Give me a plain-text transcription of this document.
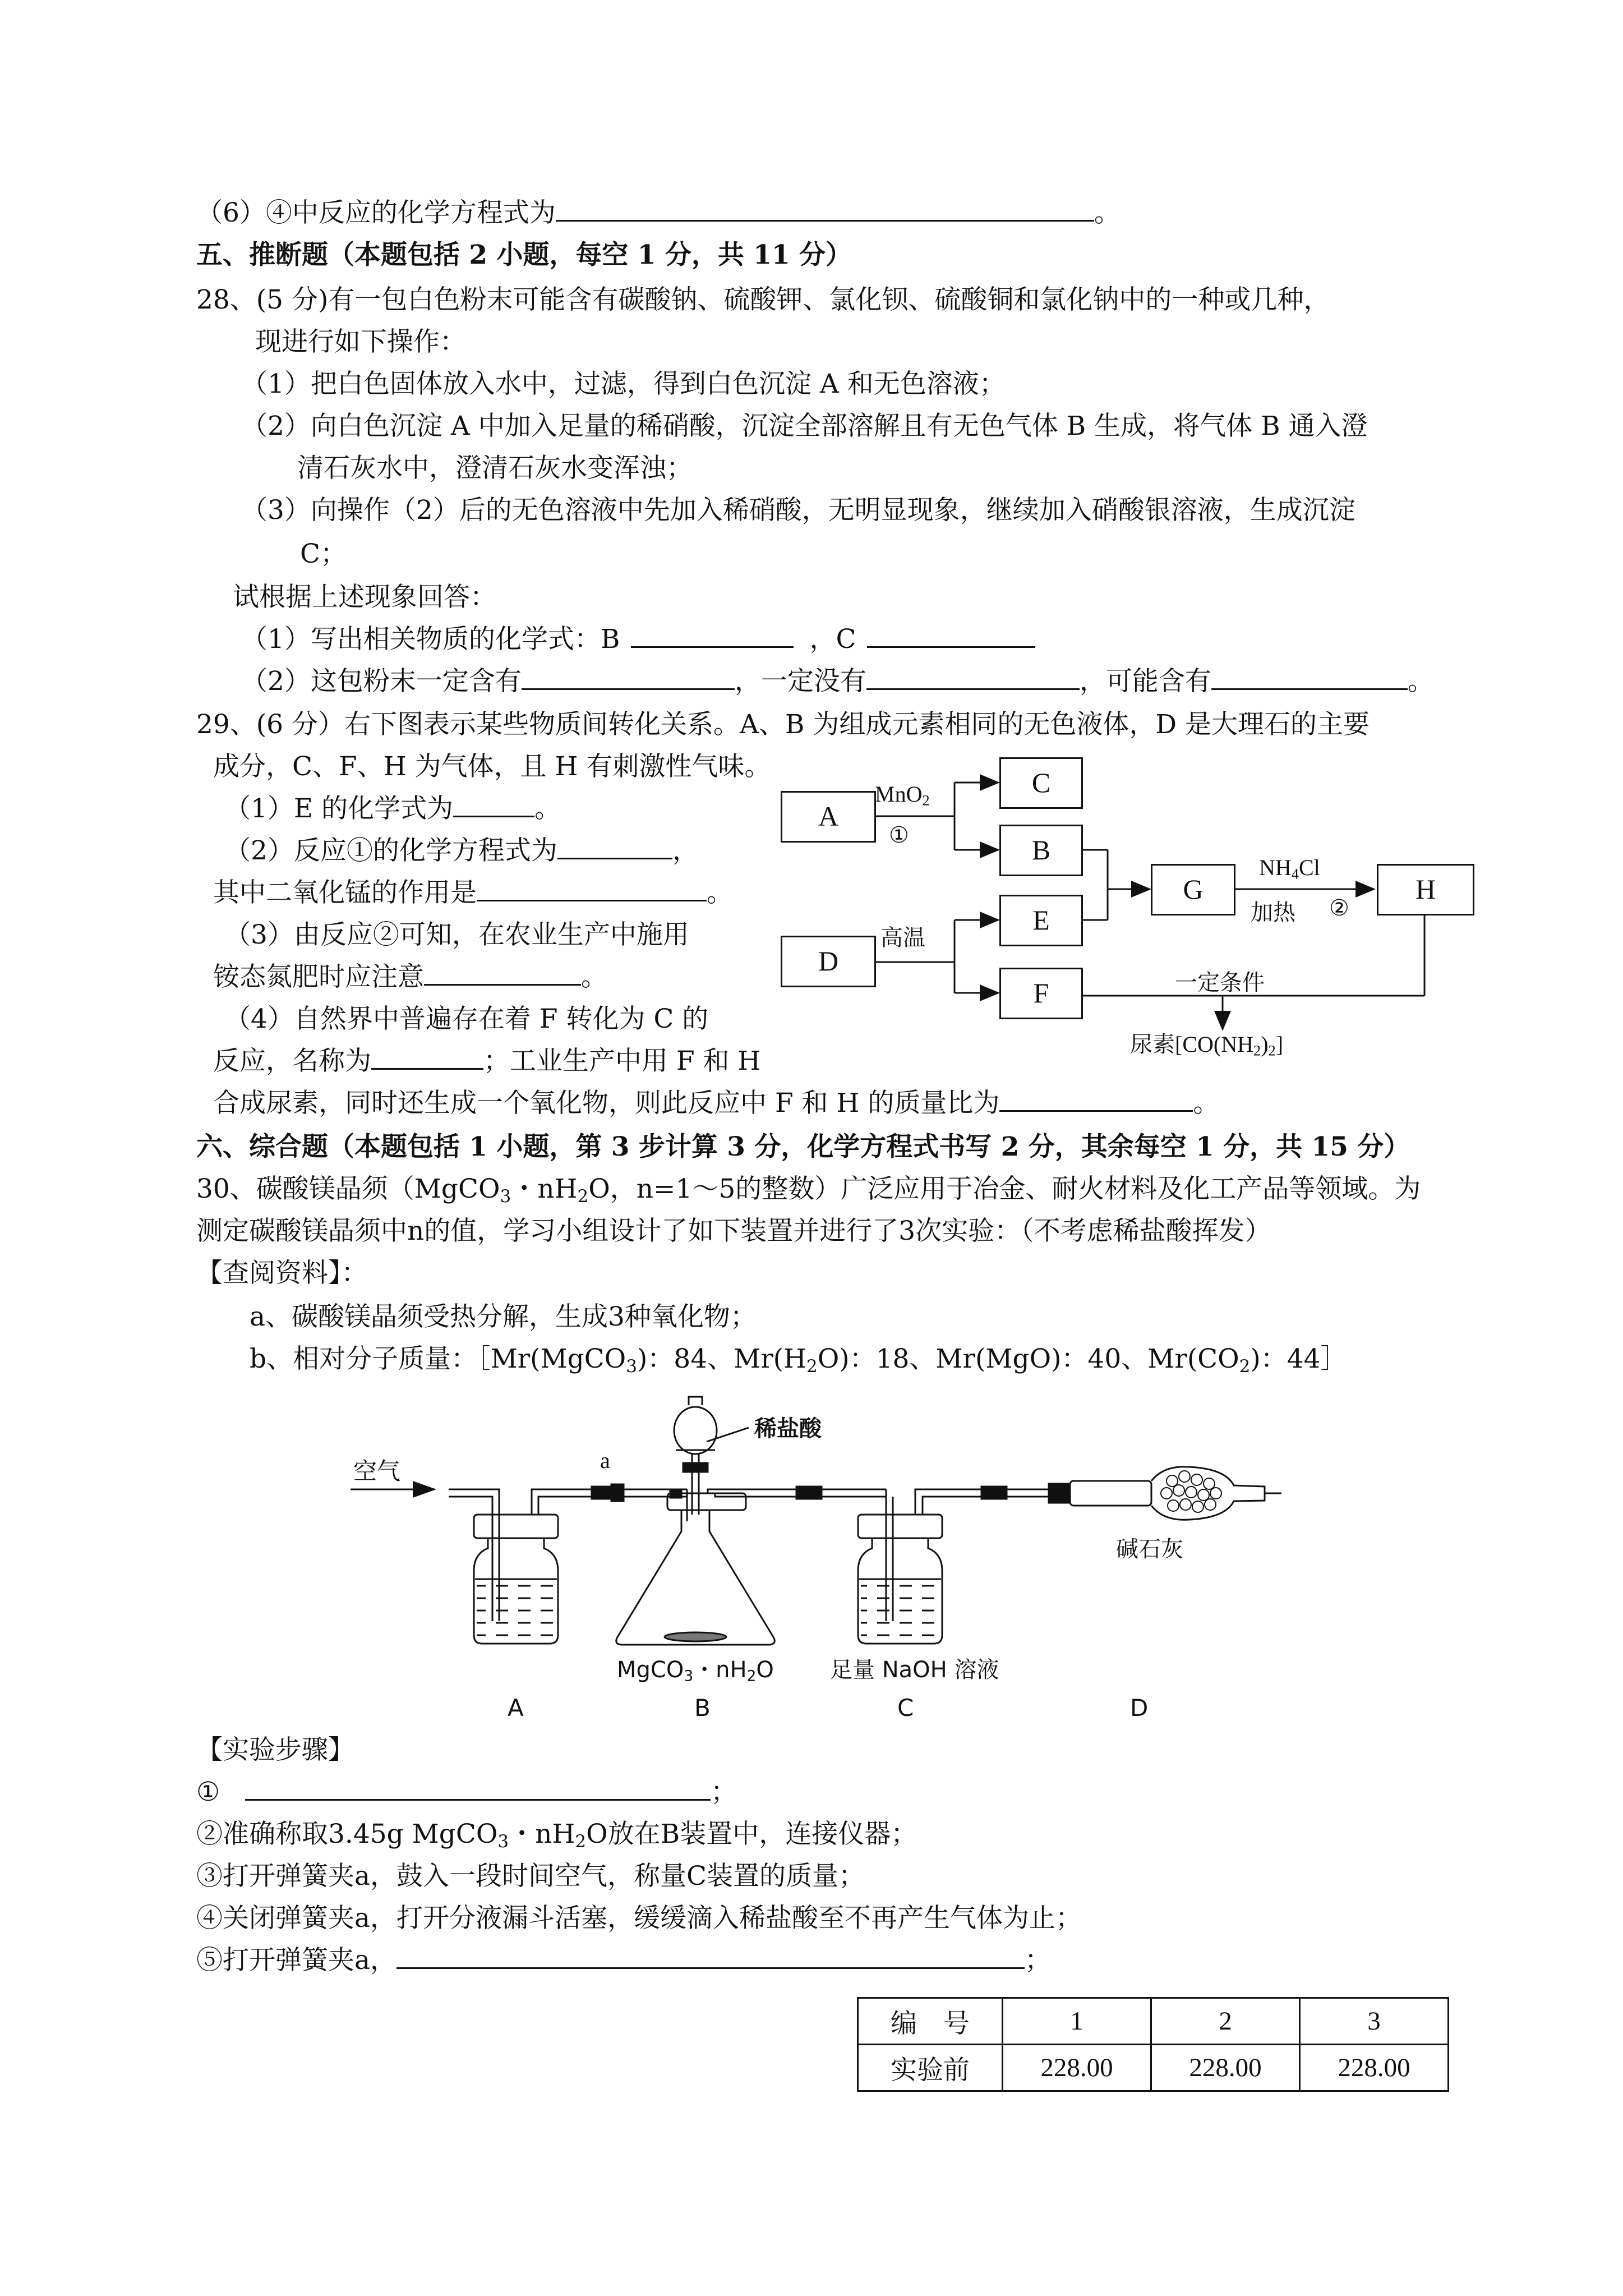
（6）④中反应的化学方程式为	。
五、推断题（本题包括 2 小题，每空 1 分，共 11 分）
28、(5 分)有一包白色粉末可能含有碳酸钠、硫酸钾、氯化钡、硫酸铜和氯化钠中的一种或几种，
现进行如下操作：
（1）把白色固体放入水中，过滤，得到白色沉淀 A 和无色溶液；
（2）向白色沉淀 A 中加入足量的稀硝酸，沉淀全部溶解且有无色气体 B 生成，将气体 B 通入澄
清石灰水中，澄清石灰水变浑浊；
（3）向操作（2）后的无色溶液中先加入稀硝酸，无明显现象，继续加入硝酸银溶液，生成沉淀
C；
试根据上述现象回答：
（1）写出相关物质的化学式：B	，C
（2）这包粉末一定含有	，一定没有	，可能含有	。
29、(6 分）右下图表示某些物质间转化关系。A、B 为组成元素相同的无色液体，D 是大理石的主要
成分，C、F、H 为气体，且 H 有刺激性气味。
（1）E 的化学式为	。
（2）反应①的化学方程式为	，
其中二氧化锰的作用是	。
（3）由反应②可知，在农业生产中施用
铵态氮肥时应注意	。
（4）自然界中普遍存在着 F 转化为 C 的
反应，名称为	；工业生产中用 F 和 H
合成尿素，同时还生成一个氧化物，则此反应中 F 和 H 的质量比为	。
A
C
B
D
E
F
G	H
MnO$_2$
①
高温
$NH_4Cl$
加热 ②
一定条件
尿素$[CO(NH_2)_2]$
六、综合题（本题包括 1 小题，第 3 步计算 3 分，化学方程式书写 2 分，其余每空 1 分，共 15 分）
30、碳酸镁晶须（MgCO$_3$・$nH_2O$，n=1～5的整数）广泛应用于冶金、耐火材料及化工产品等领域。为
测定碳酸镁晶须中n的值，学习小组设计了如下装置并进行了3次实验：（不考虑稀盐酸挥发）
【查阅资料】：
a、碳酸镁晶须受热分解，生成3种氧化物；
b、相对分子质量：［Mr(MgCO$_3$)：84、$Mr(H_2O)$：18、Mr(MgO)：40、$Mr(CO_2)$：44］
空气	a
稀盐酸
碱石灰
MgCO$_3$・$nH_2O$	足量 NaOH 溶液
A	B	C	D
【实验步骤】
①	；
②准确称取3.45g MgCO$_3$・$nH_2O$放在B装置中，连接仪器；
③打开弹簧夹a，鼓入一段时间空气，称量C装置的质量；
④关闭弹簧夹a，打开分液漏斗活塞，缓缓滴入稀盐酸至不再产生气体为止；
⑤打开弹簧夹a，	；
编　号	1	2	3
实验前	228.00	228.00	228.00
